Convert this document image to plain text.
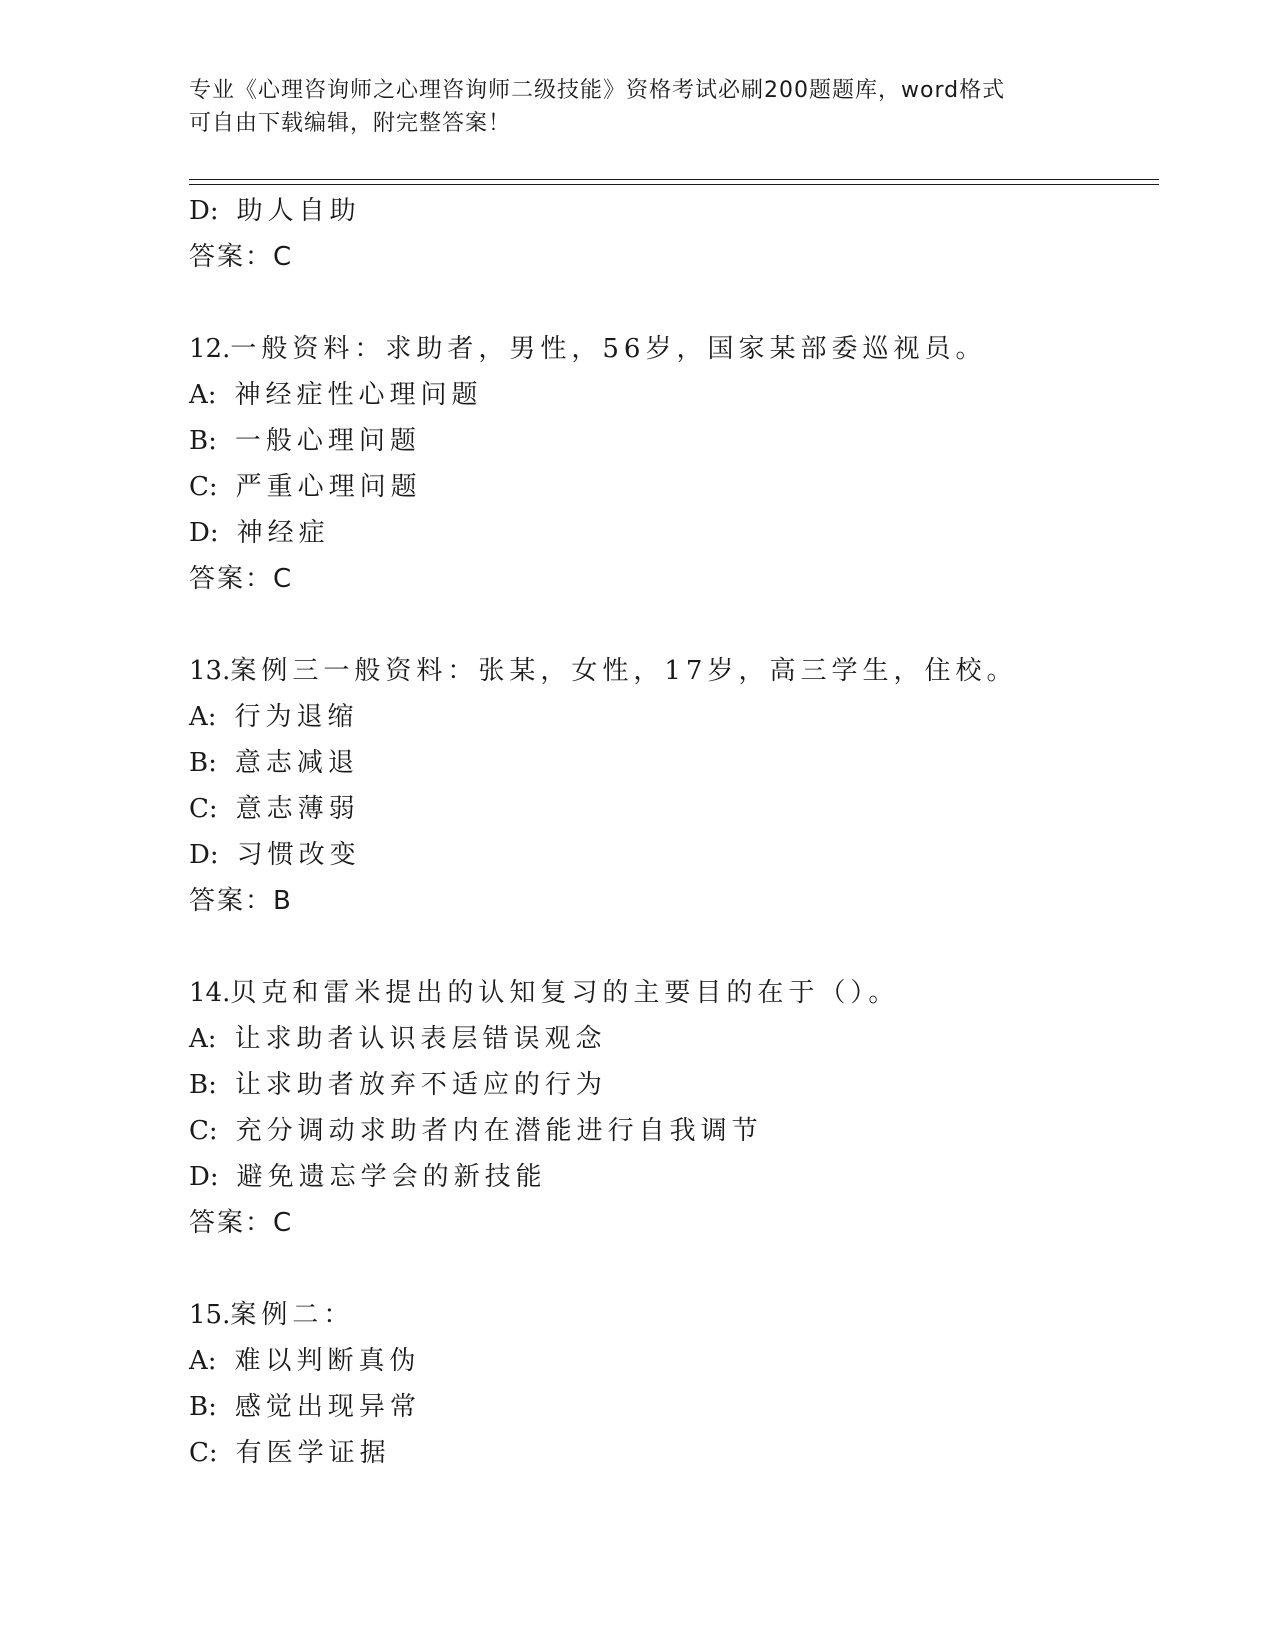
专业《心理咨询师之心理咨询师二级技能》资格考试必刷200题题库，word格式
可自由下载编辑，附完整答案！
D: 助人自助
答案：C
12.一般资料：求助者，男性，56岁，国家某部委巡视员。
A: 神经症性心理问题
B: 一般心理问题
C: 严重心理问题
D: 神经症
答案：C
13.案例三一般资料：张某，女性，17岁，高三学生，住校。
A: 行为退缩
B: 意志减退
C: 意志薄弱
D: 习惯改变
答案：B
14.贝克和雷米提出的认知复习的主要目的在于（）。
A: 让求助者认识表层错误观念
B: 让求助者放弃不适应的行为
C: 充分调动求助者内在潜能进行自我调节
D: 避免遗忘学会的新技能
答案：C
15.案例二：
A: 难以判断真伪
B: 感觉出现异常
C: 有医学证据
